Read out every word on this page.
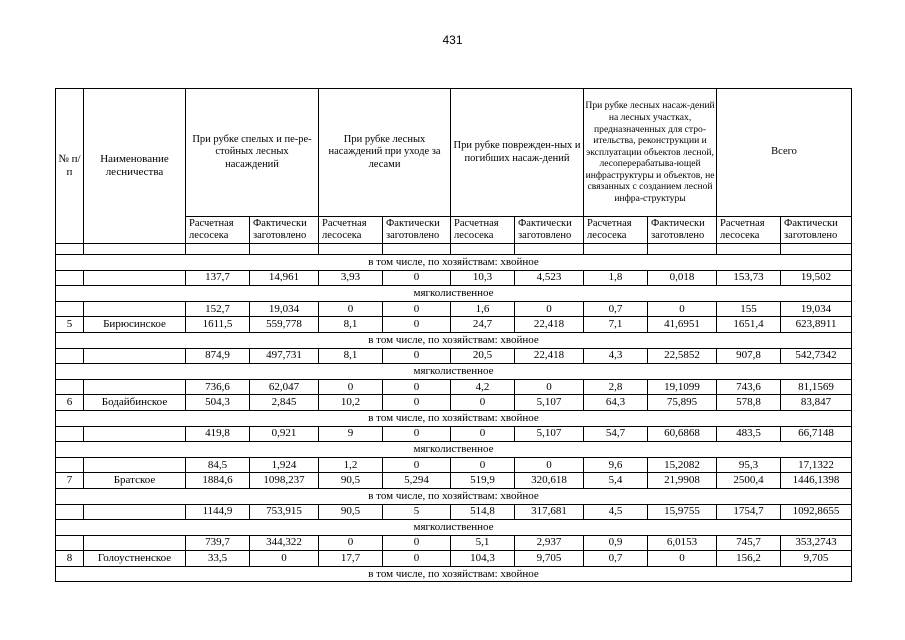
431
№ п/п	Наименование лесничества	При рубке спелых и пе-рестойных лесных насаждений		При рубке лесных насаждений при уходе за лесами		При рубке поврежден-ных и погибших насаж-дений		При рубке лесных насаж-дений на лесных участках, предназначенных для стро-ительства, реконструкции и эксплуатации объектов лесной, лесоперерабатыва-ющей инфраструктуры и объектов, не связанных с созданием лесной инфра-структуры		Всего	
		Расчетная лесосека	Фактически заготовлено	Расчетная лесосека	Фактически заготовлено	Расчетная лесосека	Фактически заготовлено	Расчетная лесосека	Фактически заготовлено	Расчетная лесосека	Фактически заготовлено

в том числе, по хозяйствам: хвойное											
		137,7	14,961	3,93	0	10,3	4,523	1,8	0,018	153,73	19,502
мягколиственное											
		152,7	19,034	0	0	1,6	0	0,7	0	155	19,034
5	Бирюсинское	1611,5	559,778	8,1	0	24,7	22,418	7,1	41,6951	1651,4	623,8911
в том числе, по хозяйствам: хвойное											
		874,9	497,731	8,1	0	20,5	22,418	4,3	22,5852	907,8	542,7342
мягколиственное											
		736,6	62,047	0	0	4,2	0	2,8	19,1099	743,6	81,1569
6	Бодайбинское	504,3	2,845	10,2	0	0	5,107	64,3	75,895	578,8	83,847
в том числе, по хозяйствам: хвойное											
		419,8	0,921	9	0	0	5,107	54,7	60,6868	483,5	66,7148
мягколиственное											
		84,5	1,924	1,2	0	0	0	9,6	15,2082	95,3	17,1322
7	Братское	1884,6	1098,237	90,5	5,294	519,9	320,618	5,4	21,9908	2500,4	1446,1398
в том числе, по хозяйствам: хвойное											
		1144,9	753,915	90,5	5	514,8	317,681	4,5	15,9755	1754,7	1092,8655
мягколиственное											
		739,7	344,322	0	0	5,1	2,937	0,9	6,0153	745,7	353,2743
8	Голоустненское	33,5	0	17,7	0	104,3	9,705	0,7	0	156,2	9,705
в том числе, по хозяйствам: хвойное											
